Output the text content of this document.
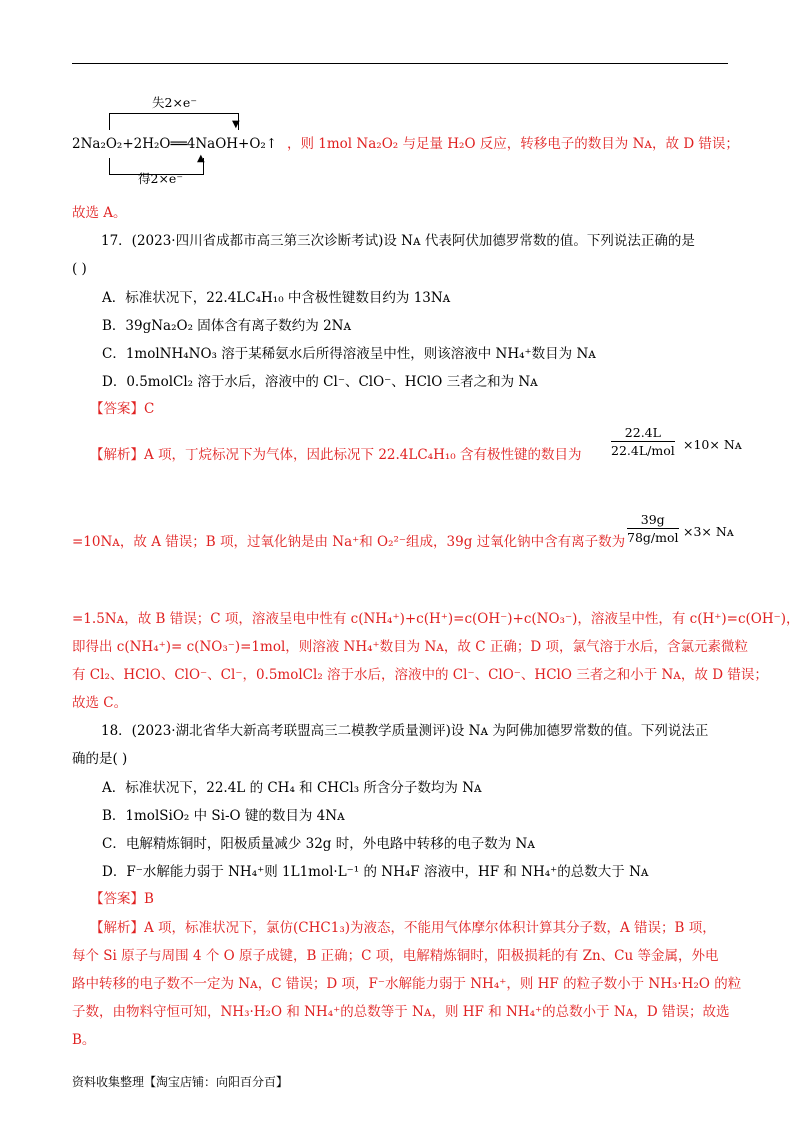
失2×e⁻
▼
2Na₂O₂+2H₂O══4NaOH+O₂↑ ，则 1mol Na₂O₂ 与足量 H₂O 反应，转移电子的数目为 Nᴀ，故 D 错误；
▲
得2×e⁻
故选 A。
17．(2023·四川省成都市高三第三次诊断考试)设 Nᴀ 代表阿伏加德罗常数的值。下列说法正确的是
( )
A．标准状况下，22.4LC₄H₁₀ 中含极性键数目约为 13Nᴀ
B．39gNa₂O₂ 固体含有离子数约为 2Nᴀ
C．1molNH₄NO₃ 溶于某稀氨水后所得溶液呈中性，则该溶液中 NH₄⁺数目为 Nᴀ
D．0.5molCl₂ 溶于水后，溶液中的 Cl⁻、ClO⁻、HClO 三者之和为 Nᴀ
【答案】C
【解析】A 项，丁烷标况下为气体，因此标况下 22.4LC₄H₁₀ 含有极性键的数目为
22.4L
22.4L/mol ×10× Nᴀ
39g
78g/mol ×3× Nᴀ
=10Nᴀ，故 A 错误；B 项，过氧化钠是由 Na⁺和 O₂²⁻组成，39g 过氧化钠中含有离子数为
=1.5Nᴀ，故 B 错误；C 项，溶液呈电中性有 c(NH₄⁺)+c(H⁺)=c(OH⁻)+c(NO₃⁻)，溶液呈中性，有 c(H⁺)=c(OH⁻)，
即得出 c(NH₄⁺)= c(NO₃⁻)=1mol，则溶液 NH₄⁺数目为 Nᴀ，故 C 正确；D 项，氯气溶于水后，含氯元素微粒
有 Cl₂、HClO、ClO⁻、Cl⁻，0.5molCl₂ 溶于水后，溶液中的 Cl⁻、ClO⁻、HClO 三者之和小于 Nᴀ，故 D 错误；
故选 C。
18．(2023·湖北省华大新高考联盟高三二模教学质量测评)设 Nᴀ 为阿佛加德罗常数的值。下列说法正
确的是( )
A．标准状况下，22.4L 的 CH₄ 和 CHCl₃ 所含分子数均为 Nᴀ
B．1molSiO₂ 中 Si-O 键的数目为 4Nᴀ
C．电解精炼铜时，阳极质量减少 32g 时，外电路中转移的电子数为 Nᴀ
D．F⁻水解能力弱于 NH₄⁺则 1L1mol·L⁻¹ 的 NH₄F 溶液中，HF 和 NH₄⁺的总数大于 Nᴀ
【答案】B
【解析】A 项，标准状况下，氯仿(CHC1₃)为液态，不能用气体摩尔体积计算其分子数，A 错误；B 项，
每个 Si 原子与周围 4 个 O 原子成键，B 正确；C 项，电解精炼铜时，阳极损耗的有 Zn、Cu 等金属，外电
路中转移的电子数不一定为 Nᴀ，C 错误；D 项，F⁻水解能力弱于 NH₄⁺，则 HF 的粒子数小于 NH₃·H₂O 的粒
子数，由物料守恒可知，NH₃·H₂O 和 NH₄⁺的总数等于 Nᴀ，则 HF 和 NH₄⁺的总数小于 Nᴀ，D 错误；故选
B。
资料收集整理【淘宝店铺：向阳百分百】
